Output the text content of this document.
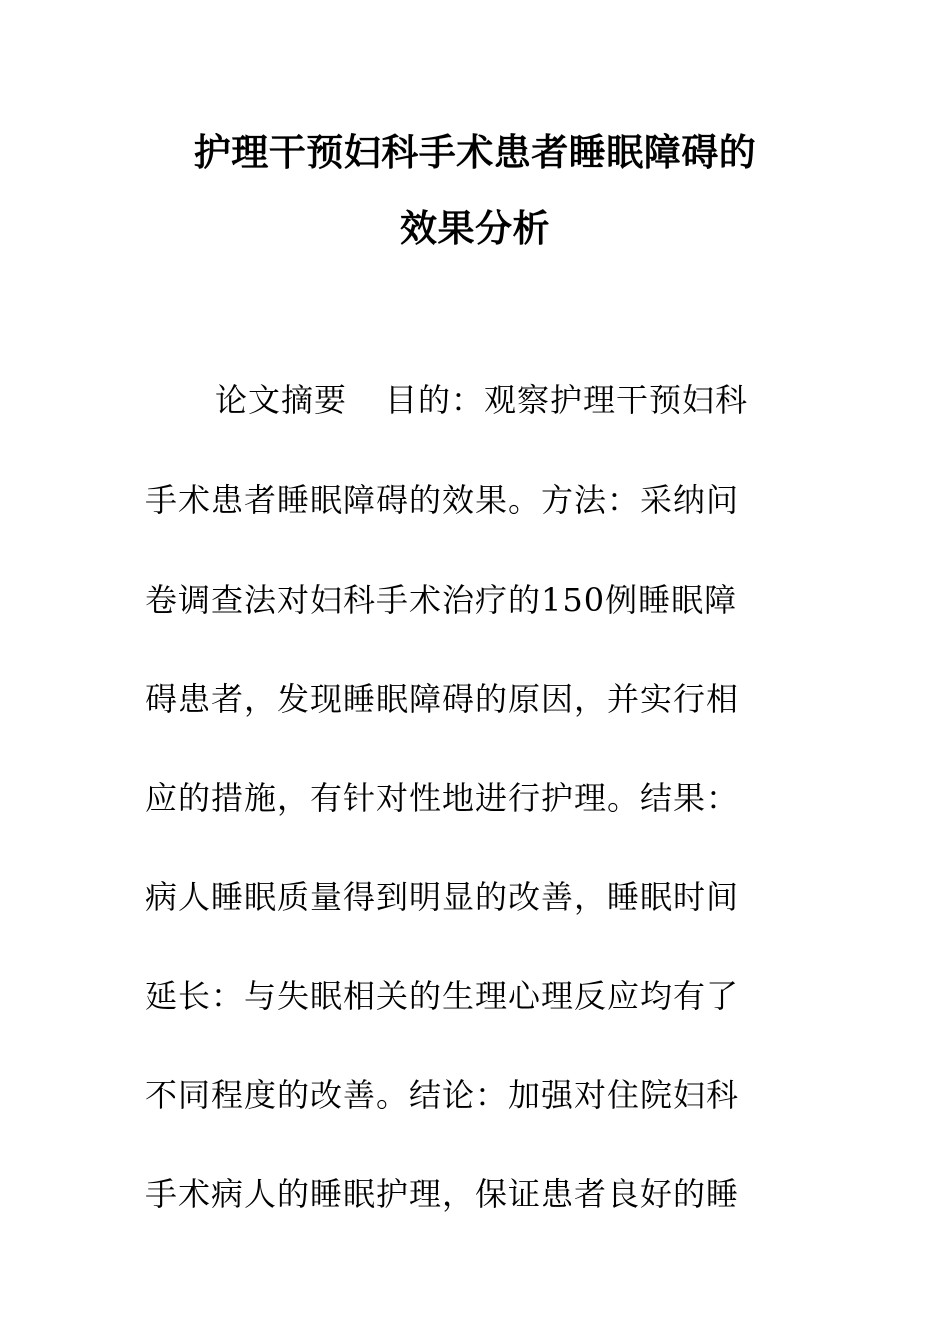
护理干预妇科手术患者睡眠障碍的
效果分析

论文摘要 目的：观察护理干预妇科

手术患者睡眠障碍的效果。方法：采纳问

卷调查法对妇科手术治疗的150例睡眠障

碍患者，发现睡眠障碍的原因，并实行相

应的措施，有针对性地进行护理。结果：

病人睡眠质量得到明显的改善，睡眠时间

延长：与失眠相关的生理心理反应均有了

不同程度的改善。结论：加强对住院妇科

手术病人的睡眠护理，保证患者良好的睡
